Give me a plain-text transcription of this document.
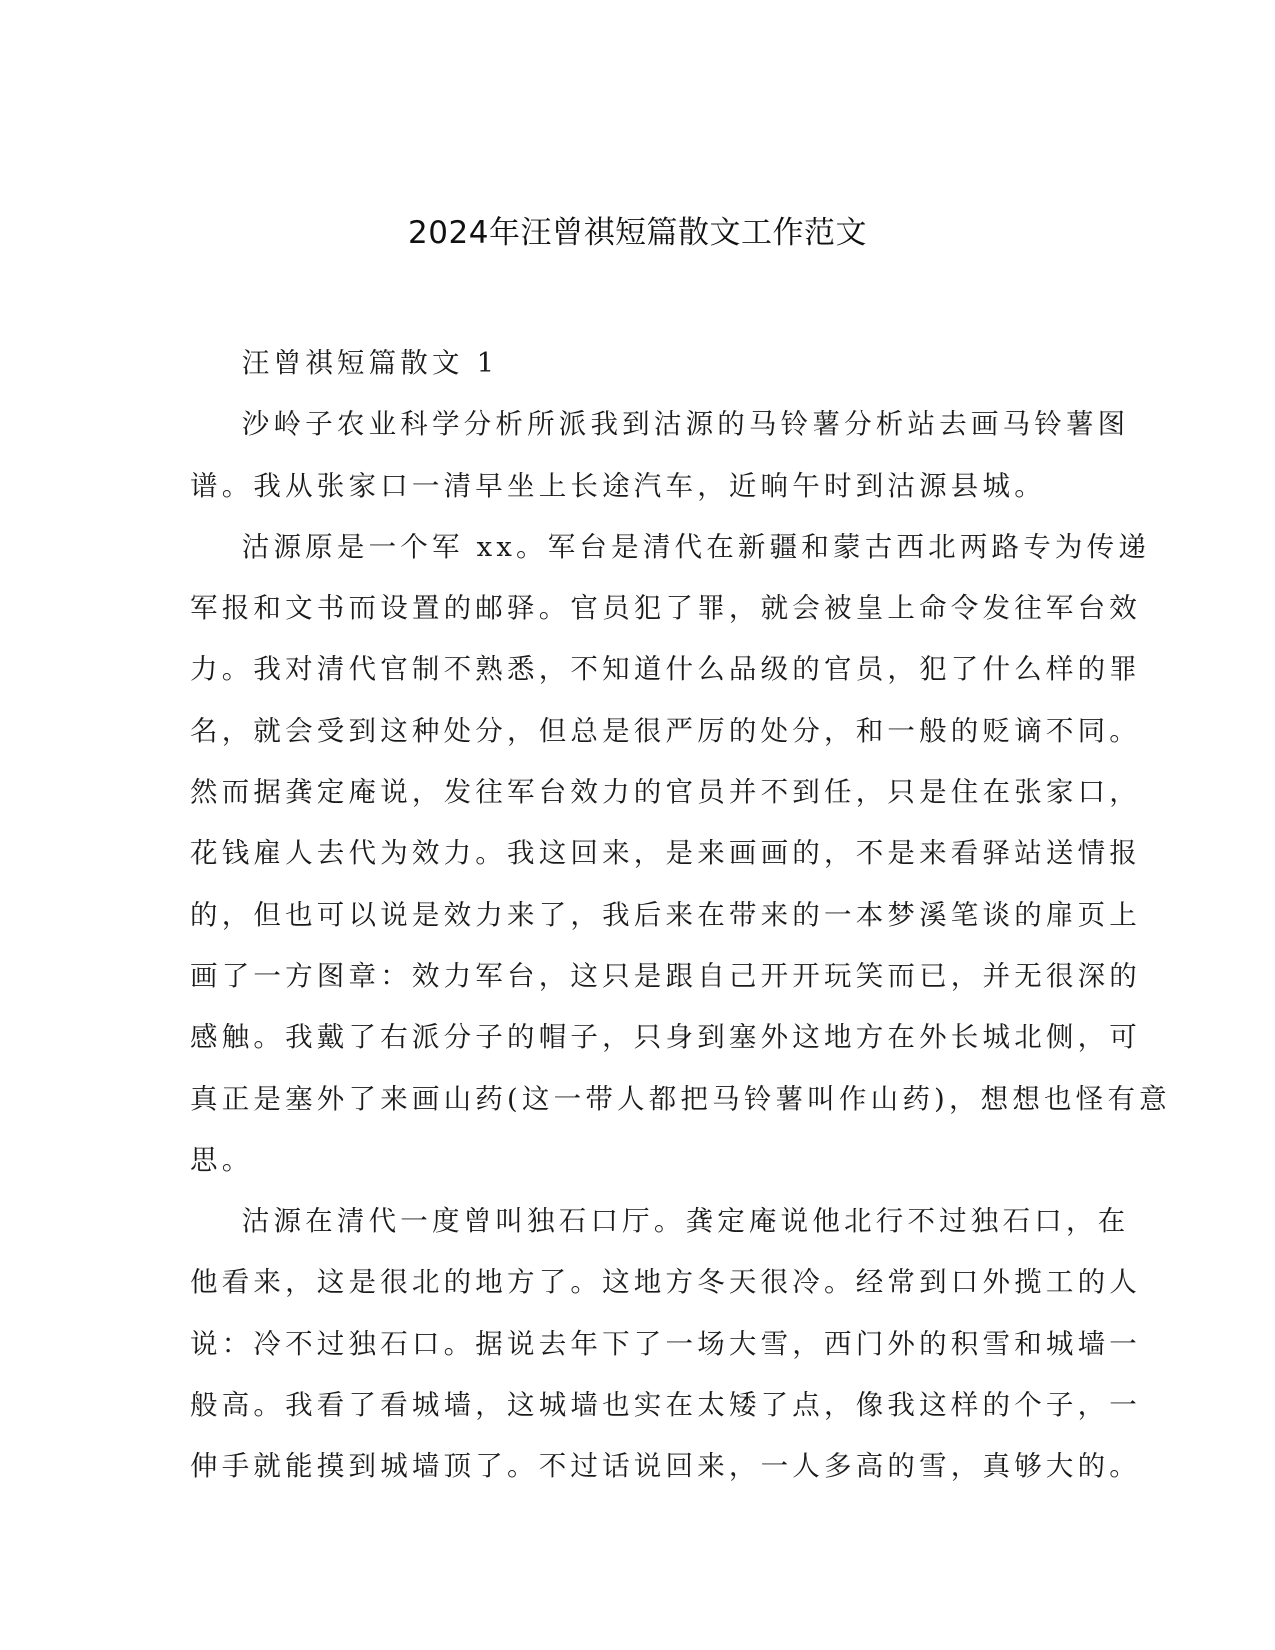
2024年汪曾祺短篇散文工作范文

汪曾祺短篇散文 1

沙岭子农业科学分析所派我到沽源的马铃薯分析站去画马铃薯图

谱。我从张家口一清早坐上长途汽车，近晌午时到沽源县城。

沽源原是一个军 xx。军台是清代在新疆和蒙古西北两路专为传递

军报和文书而设置的邮驿。官员犯了罪，就会被皇上命令发往军台效

力。我对清代官制不熟悉，不知道什么品级的官员，犯了什么样的罪

名，就会受到这种处分，但总是很严厉的处分，和一般的贬谪不同。

然而据龚定庵说，发往军台效力的官员并不到任，只是住在张家口，

花钱雇人去代为效力。我这回来，是来画画的，不是来看驿站送情报

的，但也可以说是效力来了，我后来在带来的一本梦溪笔谈的扉页上

画了一方图章：效力军台，这只是跟自己开开玩笑而已，并无很深的

感触。我戴了右派分子的帽子，只身到塞外这地方在外长城北侧，可

真正是塞外了来画山药(这一带人都把马铃薯叫作山药)，想想也怪有意

思。

沽源在清代一度曾叫独石口厅。龚定庵说他北行不过独石口，在

他看来，这是很北的地方了。这地方冬天很冷。经常到口外揽工的人

说：冷不过独石口。据说去年下了一场大雪，西门外的积雪和城墙一

般高。我看了看城墙，这城墙也实在太矮了点，像我这样的个子，一

伸手就能摸到城墙顶了。不过话说回来，一人多高的雪，真够大的。
